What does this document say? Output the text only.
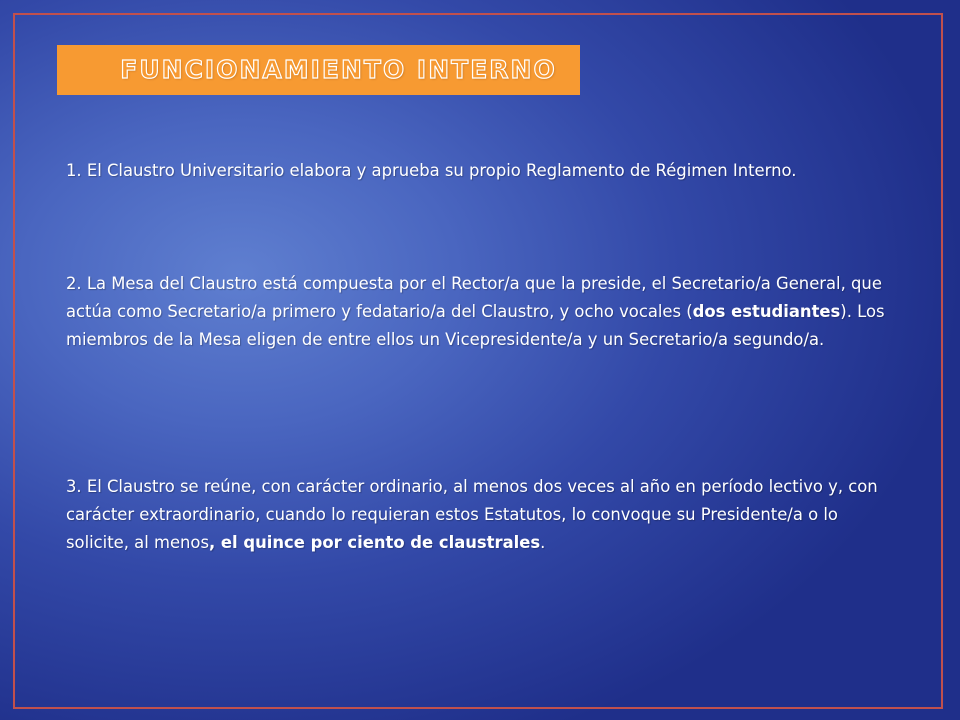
FUNCIONAMIENTO INTERNO
1. El Claustro Universitario elabora y aprueba su propio Reglamento de Régimen Interno.
2. La Mesa del Claustro está compuesta por el Rector/a que la preside, el Secretario/a General, que actúa como Secretario/a primero y fedatario/a del Claustro, y ocho vocales (dos estudiantes). Los miembros de la Mesa eligen de entre ellos un Vicepresidente/a y un Secretario/a segundo/a.
3. El Claustro se reúne, con carácter ordinario, al menos dos veces al año en período lectivo y, con carácter extraordinario, cuando lo requieran estos Estatutos, lo convoque su Presidente/a o lo solicite, al menos, el quince por ciento de claustrales.
